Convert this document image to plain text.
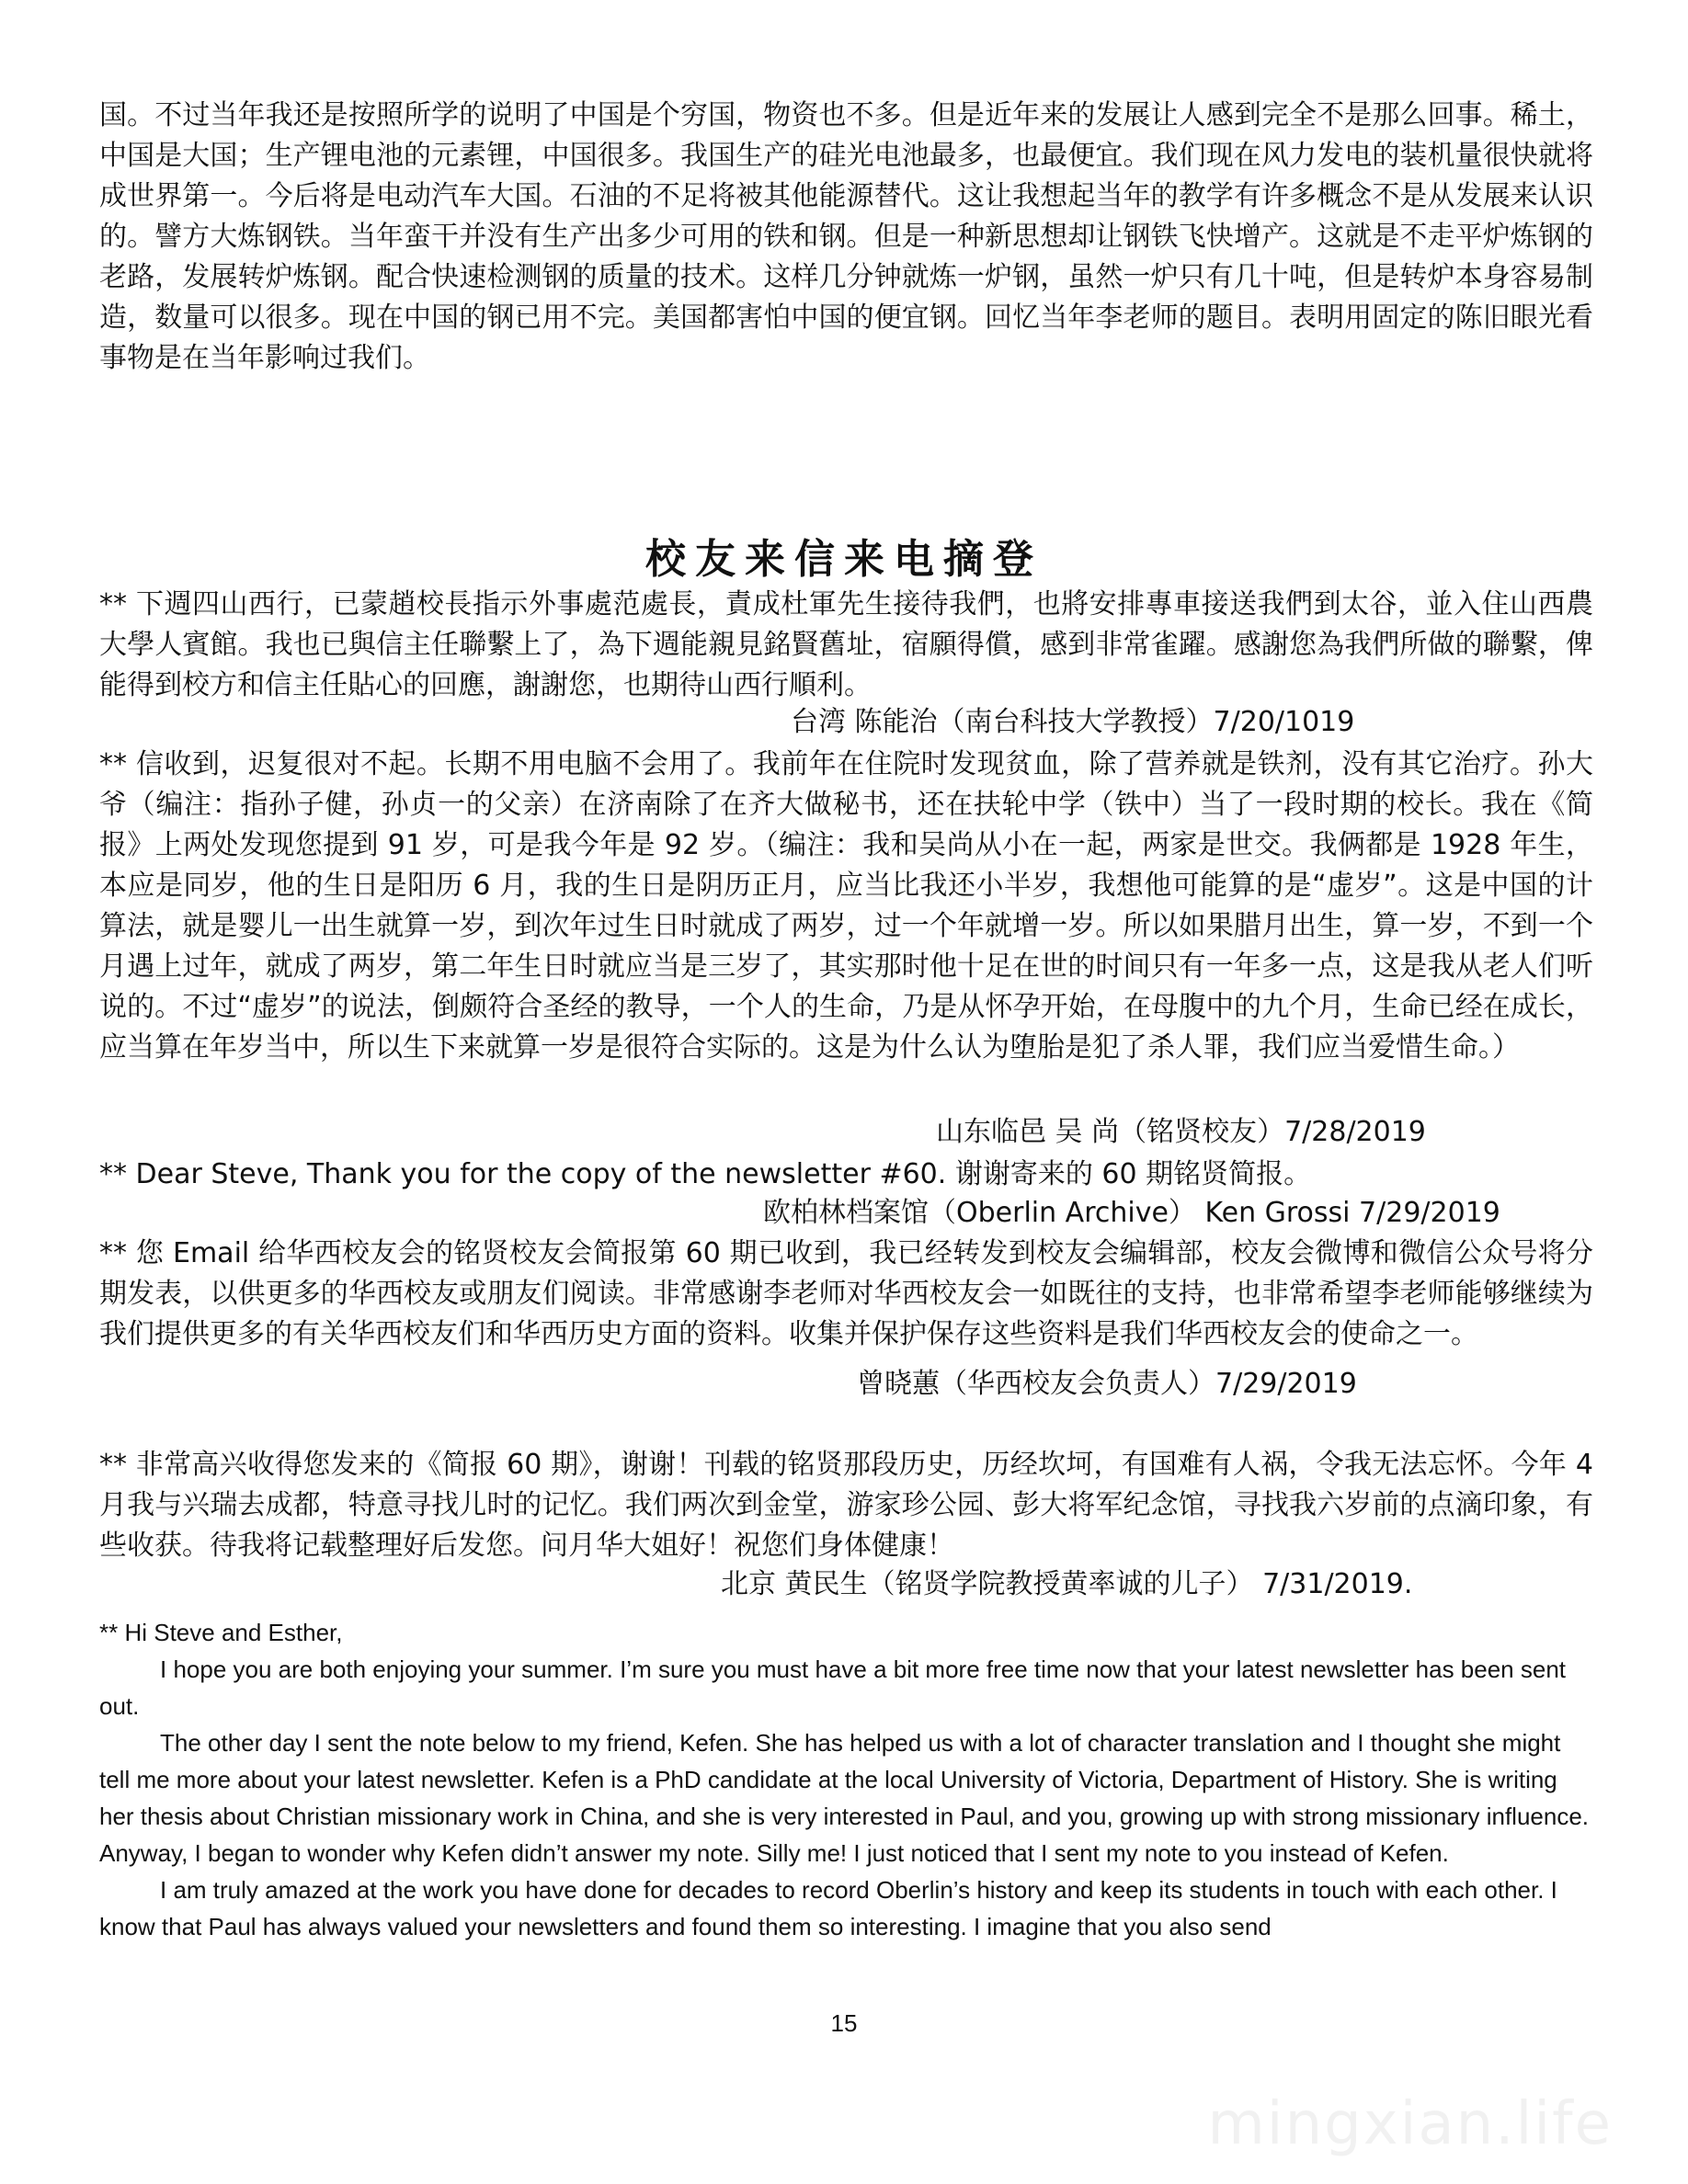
国。不过当年我还是按照所学的说明了中国是个穷国，物资也不多。但是近年来的发展让人感到完全不是那么回事。稀土，中国是大国；生产锂电池的元素锂，中国很多。我国生产的硅光电池最多，也最便宜。我们现在风力发电的装机量很快就将成世界第一。今后将是电动汽车大国。石油的不足将被其他能源替代。这让我想起当年的教学有许多概念不是从发展来认识的。譬方大炼钢铁。当年蛮干并没有生产出多少可用的铁和钢。但是一种新思想却让钢铁飞快增产。这就是不走平炉炼钢的老路，发展转炉炼钢。配合快速检测钢的质量的技术。这样几分钟就炼一炉钢，虽然一炉只有几十吨，但是转炉本身容易制造，数量可以很多。现在中国的钢已用不完。美国都害怕中国的便宜钢。回忆当年李老师的题目。表明用固定的陈旧眼光看事物是在当年影响过我们。

校友来信来电摘登

** 下週四山西行，已蒙趙校長指示外事處范處長，責成杜軍先生接待我們，也將安排專車接送我們到太谷，並入住山西農大學人賓館。我也已與信主任聯繫上了，為下週能親見銘賢舊址，宿願得償，感到非常雀躍。感謝您為我們所做的聯繫，俾能得到校方和信主任貼心的回應，謝謝您，也期待山西行順利。

台湾 陈能治（南台科技大学教授）7/20/1019

** 信收到，迟复很对不起。长期不用电脑不会用了。我前年在住院时发现贫血，除了营养就是铁剂，没有其它治疗。孙大爷（编注：指孙子健，孙贞一的父亲）在济南除了在齐大做秘书，还在扶轮中学（铁中）当了一段时期的校长。我在《简报》上两处发现您提到 91 岁，可是我今年是 92 岁。（编注：我和吴尚从小在一起，两家是世交。我俩都是 1928 年生，本应是同岁，他的生日是阳历 6 月，我的生日是阴历正月，应当比我还小半岁，我想他可能算的是“虚岁”。这是中国的计算法，就是婴儿一出生就算一岁，到次年过生日时就成了两岁，过一个年就增一岁。所以如果腊月出生，算一岁，不到一个月遇上过年，就成了两岁，第二年生日时就应当是三岁了，其实那时他十足在世的时间只有一年多一点，这是我从老人们听说的。不过“虚岁”的说法，倒颇符合圣经的教导，一个人的生命，乃是从怀孕开始，在母腹中的九个月，生命已经在成长，应当算在年岁当中，所以生下来就算一岁是很符合实际的。这是为什么认为堕胎是犯了杀人罪，我们应当爱惜生命。）

山东临邑 吴 尚（铭贤校友）7/28/2019

** Dear Steve, Thank you for the copy of the newsletter #60. 谢谢寄来的 60 期铭贤简报。

欧柏林档案馆（Oberlin Archive） Ken Grossi 7/29/2019

** 您 Email 给华西校友会的铭贤校友会简报第 60 期已收到，我已经转发到校友会编辑部，校友会微博和微信公众号将分期发表，以供更多的华西校友或朋友们阅读。非常感谢李老师对华西校友会一如既往的支持，也非常希望李老师能够继续为我们提供更多的有关华西校友们和华西历史方面的资料。收集并保护保存这些资料是我们华西校友会的使命之一。

曾晓蕙（华西校友会负责人）7/29/2019

** 非常高兴收得您发来的《简报 60 期》，谢谢！刊载的铭贤那段历史，历经坎坷，有国难有人祸，令我无法忘怀。今年 4 月我与兴瑞去成都，特意寻找儿时的记忆。我们两次到金堂，游家珍公园、彭大将军纪念馆，寻找我六岁前的点滴印象，有些收获。待我将记载整理好后发您。问月华大姐好！祝您们身体健康！

北京 黄民生（铭贤学院教授黄率诚的儿子） 7/31/2019.

** Hi Steve and Esther,

I hope you are both enjoying your summer. I’m sure you must have a bit more free time now that your latest newsletter has been sent out.

The other day I sent the note below to my friend, Kefen. She has helped us with a lot of character translation and I thought she might tell me more about your latest newsletter. Kefen is a PhD candidate at the local University of Victoria, Department of History. She is writing her thesis about Christian missionary work in China, and she is very interested in Paul, and you, growing up with strong missionary influence. Anyway, I began to wonder why Kefen didn’t answer my note. Silly me! I just noticed that I sent my note to you instead of Kefen.

I am truly amazed at the work you have done for decades to record Oberlin’s history and keep its students in touch with each other. I know that Paul has always valued your newsletters and found them so interesting. I imagine that you also send

15
mingxian.life
